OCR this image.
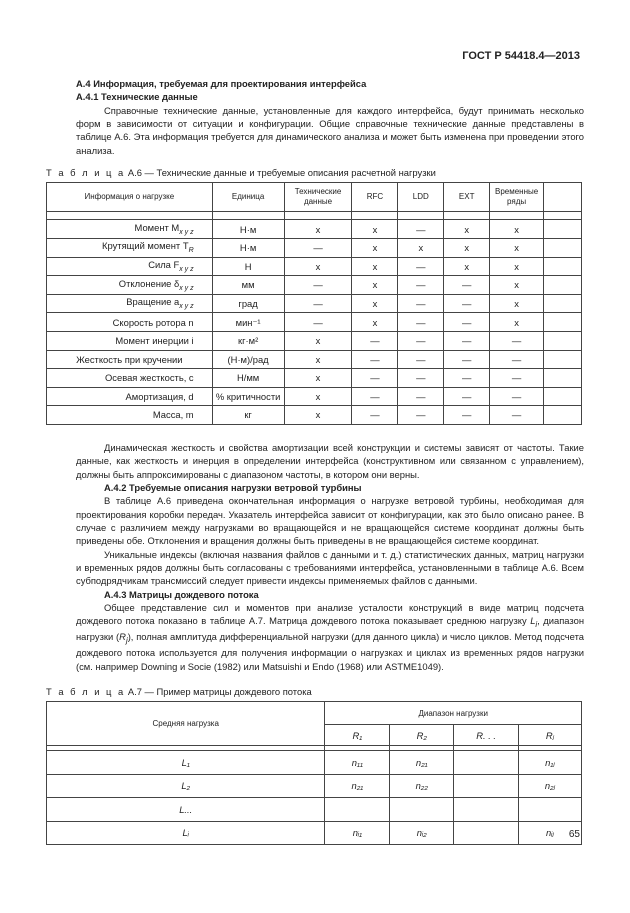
ГОСТ Р 54418.4—2013

А.4 Информация, требуемая для проектирования интерфейса

А.4.1 Технические данные

Справочные технические данные, установленные для каждого интерфейса, будут принимать несколько форм в зависимости от ситуации и конфигурации. Общие справочные технические данные представлены в таблице А.6. Эта информация требуется для динамического анализа и может быть изменена при проведении этого анализа.

Т а б л и ц а А.6 — Технические данные и требуемые описания расчетной нагрузки
Информация о нагрузке	Единица	Технические данные	RFC	LDD	EXT	Временные ряды	

Момент $M_{x y z}$	Н·м	x	x	—	x	x	
Крутящий момент $T_R$	Н·м	—	x	x	x	x	
Сила $F_{x y z}$	Н	x	x	—	x	x	
Отклонение $\delta_{x y z}$	мм	—	x	—	—	x	
Вращение $a_{x y z}$	град	—	x	—	—	x	
Скорость ротора n	мин⁻¹	—	x	—	—	x	
Момент инерции i	кг·м²	x	—	—	—	—	
Жесткость при кручении	(Н·м)/рад	x	—	—	—	—	
Осевая жесткость, с	Н/мм	x	—	—	—	—	
Амортизация, d	% критичности	x	—	—	—	—	
Масса, m	кг	x	—	—	—	—	

Динамическая жесткость и свойства амортизации всей конструкции и системы зависят от частоты. Такие данные, как жесткость и инерция в определении интерфейса (конструктивном или связанном с управлением), должны быть аппроксимированы с диапазоном частоты, в котором они верны.

А.4.2 Требуемые описания нагрузки ветровой турбины

В таблице А.6 приведена окончательная информация о нагрузке ветровой турбины, необходимая для проектирования коробки передач. Указатель интерфейса зависит от конфигурации, как это было описано ранее. В случае с различием между нагрузками во вращающейся и не вращающейся системе координат должны быть приведены обе. Отклонения и вращения должны быть приведены в не вращающейся системе координат.

Уникальные индексы (включая названия файлов с данными и т. д.) статистических данных, матриц нагрузки и временных рядов должны быть согласованы с требованиями интерфейса, установленными в таблице А.6. Всем субподрядчикам трансмиссий следует привести индексы применяемых файлов с данными.

А.4.3 Матрицы дождевого потока

Общее представление сил и моментов при анализе усталости конструкций в виде матриц подсчета дождевого потока показано в таблице А.7. Матрица дождевого потока показывает среднюю нагрузку $L_i$, диапазон нагрузки $(R_j)$, полная амплитуда дифференциальной нагрузки (для данного цикла) и число циклов. Метод подсчета дождевого потока используется для получения информации о нагрузках и циклах из временных рядов нагрузки (см. например Downing и Socie (1982) или Matsuishi и Endo (1968) или ASTME1049).

Т а б л и ц а А.7 — Пример матрицы дождевого потока
Средняя нагрузка	Диапазон нагрузки			
	R₁	R₂	R. . .	Rⱼ

L₁	n₁₁	n₂₁		n₁ⱼ
L₂	n₂₁	n₂₂		n₂ⱼ
L...				
Lᵢ	nᵢ₁	nᵢ₂		nᵢⱼ 65
